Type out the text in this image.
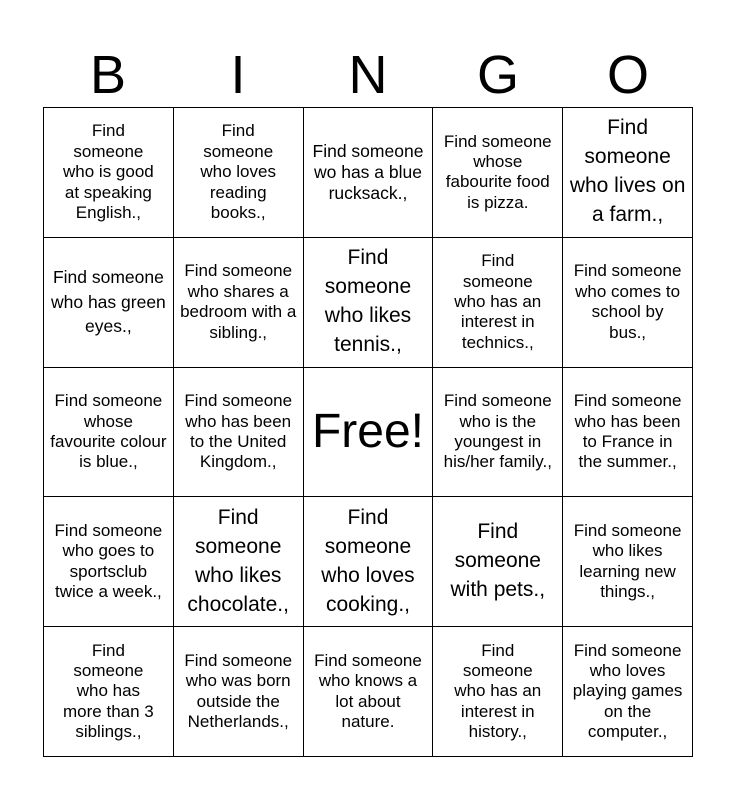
B	I	N	G	O
Find someone who is good at speaking English.,
Find someone who loves reading books.,
Find someone wo has a blue rucksack.,
Find someone whose fabourite food is pizza.
Find someone who lives on a farm.,
Find someone who has green eyes.,
Find someone who shares a bedroom with a sibling.,
Find someone who likes tennis.,
Find someone who has an interest in technics.,
Find someone who comes to school by bus.,
Find someone whose favourite colour is blue.,
Find someone who has been to the United Kingdom.,
Free!
Find someone who is the youngest in his/her family.,
Find someone who has been to France in the summer.,
Find someone who goes to sportsclub twice a week.,
Find someone who likes chocolate.,
Find someone who loves cooking.,
Find someone with pets.,
Find someone who likes learning new things.,
Find someone who has more than 3 siblings.,
Find someone who was born outside the Netherlands.,
Find someone who knows a lot about nature.
Find someone who has an interest in history.,
Find someone who loves playing games on the computer.,
